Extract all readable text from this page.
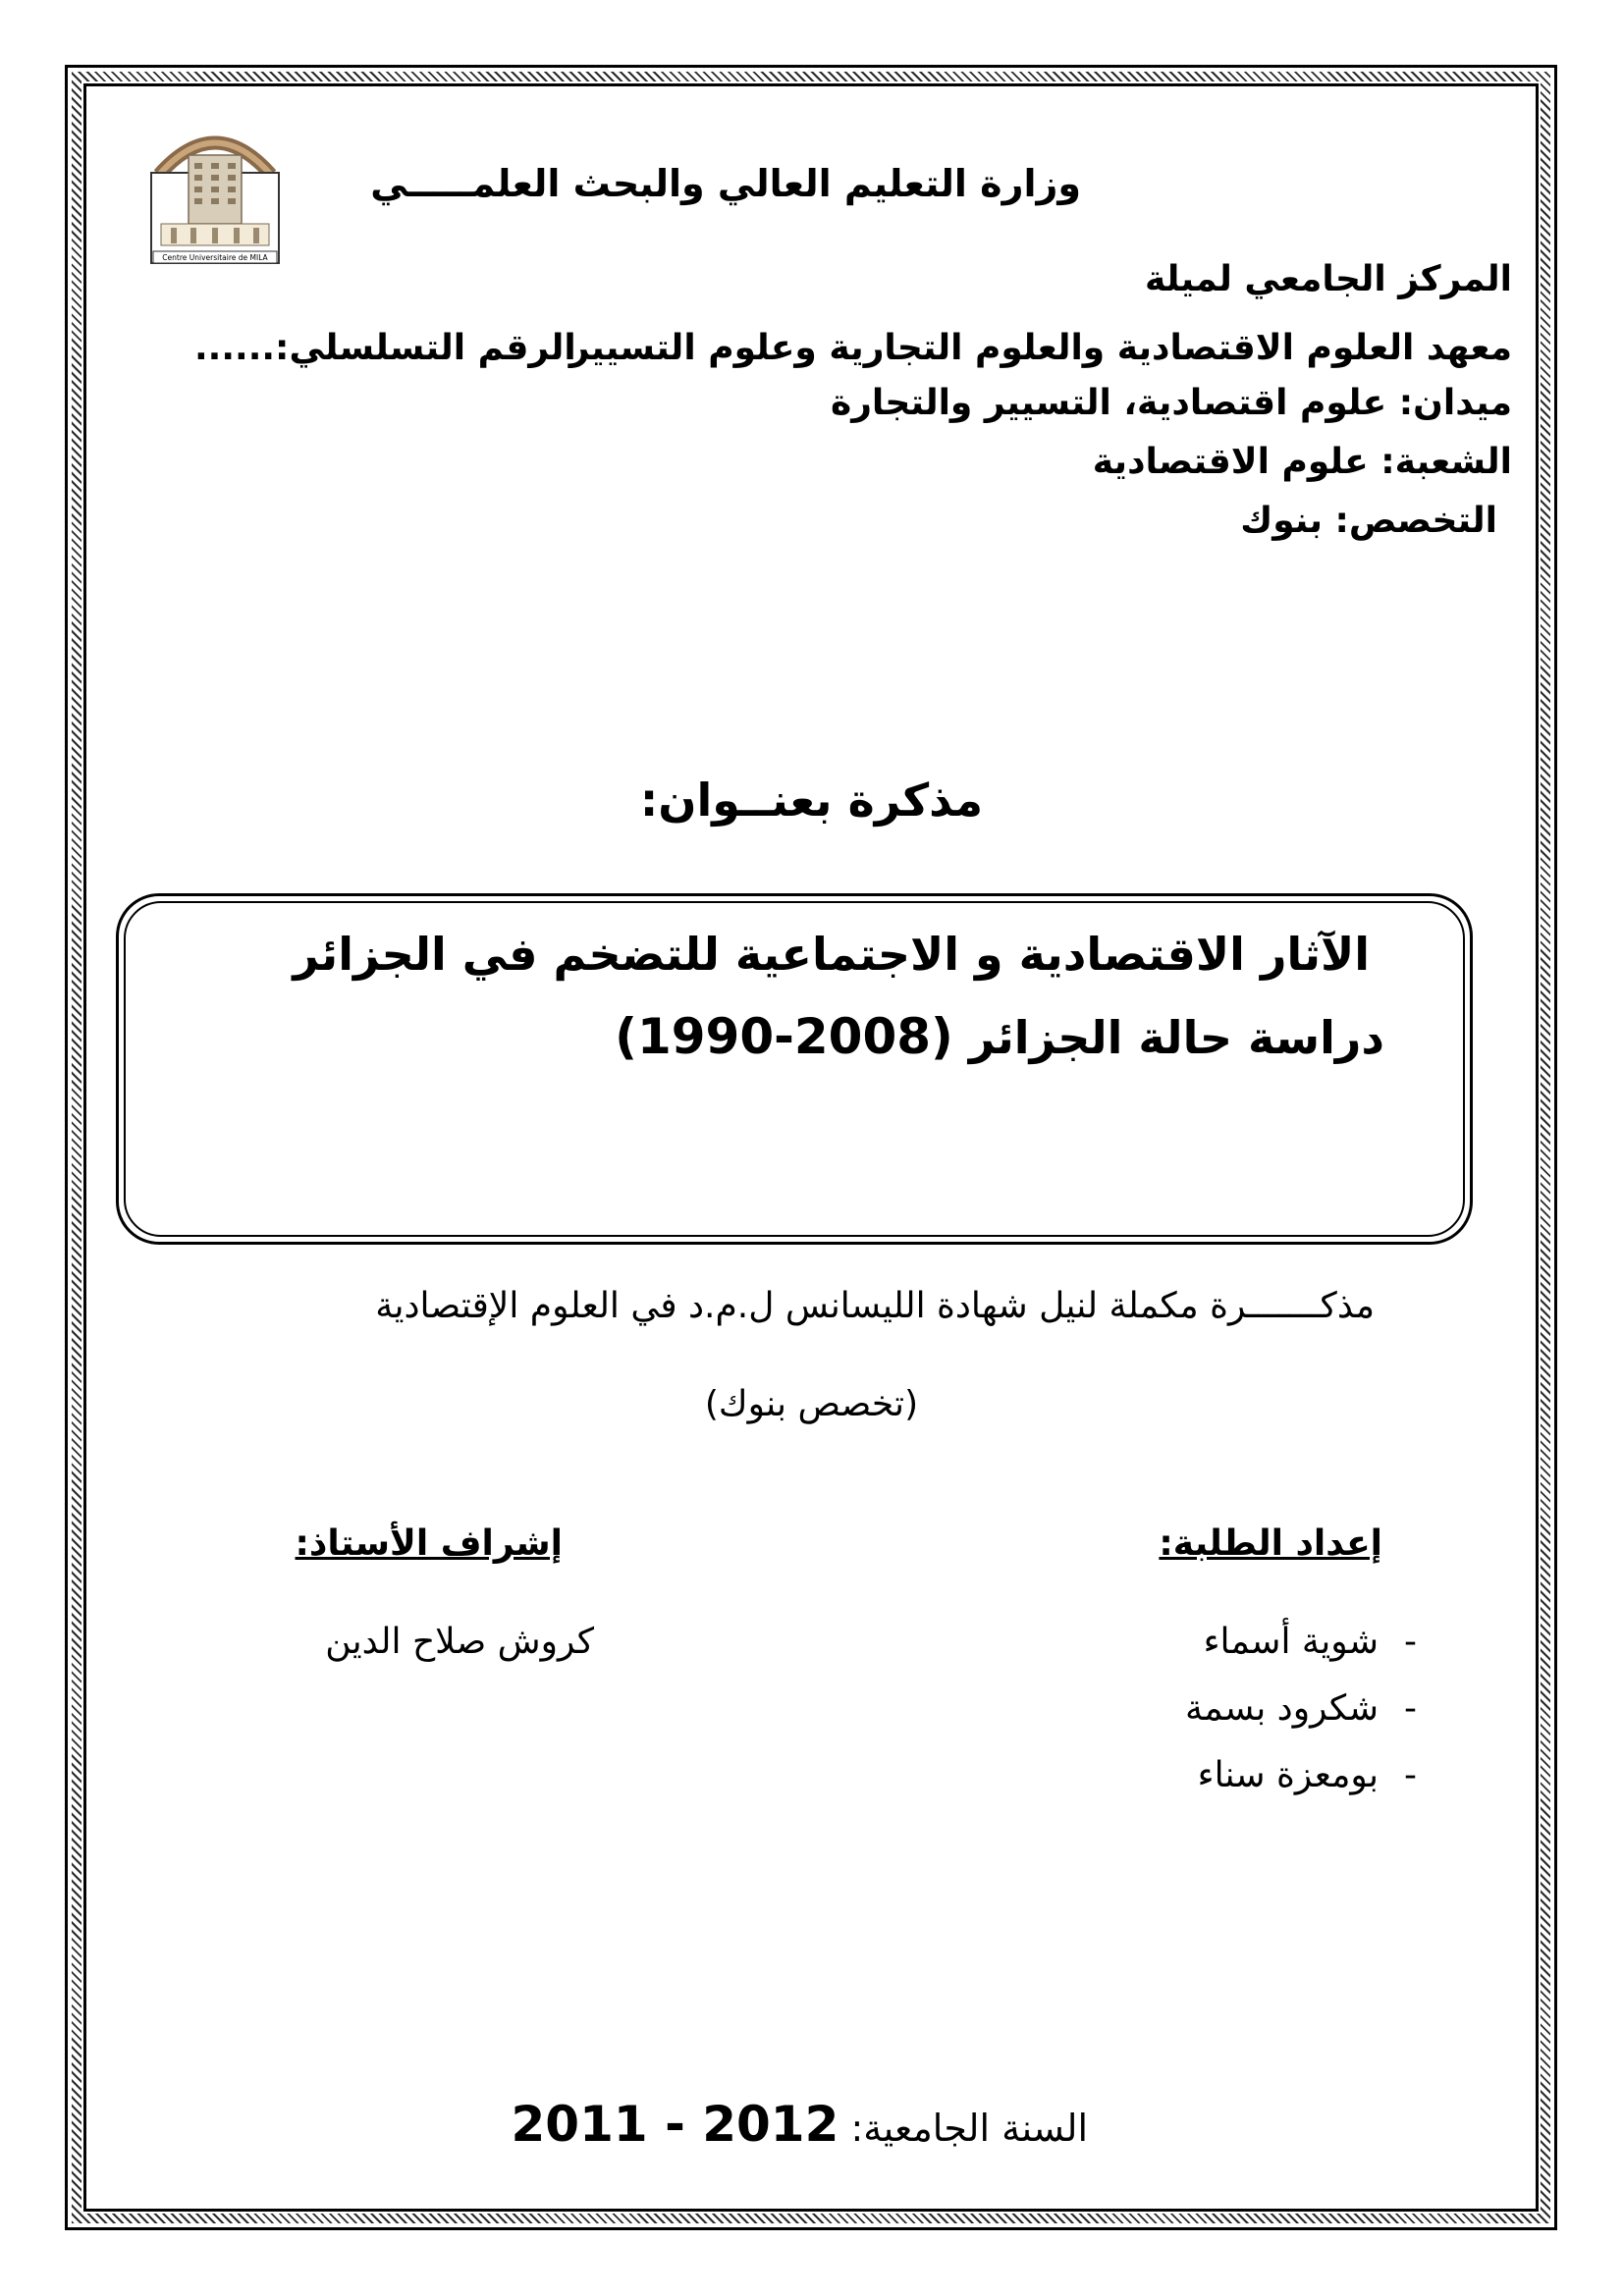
Centre Universitaire de MILA
وزارة التعليم العالي والبحث العلمـــــي
المركز الجامعي لميلة
معهد العلوم الاقتصادية والعلوم التجارية وعلوم التسيير
الرقم التسلسلي:......
ميدان: علوم اقتصادية، التسيير والتجارة
الشعبة: علوم الاقتصادية
التخصص: بنوك
مذكرة بعنــوان:
الآثار الاقتصادية و الاجتماعية للتضخم في الجزائر
دراسة حالة الجزائر (1990-2008)
مذكـــــــرة مكملة لنيل شهادة الليسانس ل.م.د في العلوم الإقتصادية
(تخصص بنوك)
إعداد الطلبة:
إشراف الأستاذ:
-شوية أسماء
-شكرود بسمة
-بومعزة سناء
كروش صلاح الدين
السنة الجامعية: 2011 - 2012
